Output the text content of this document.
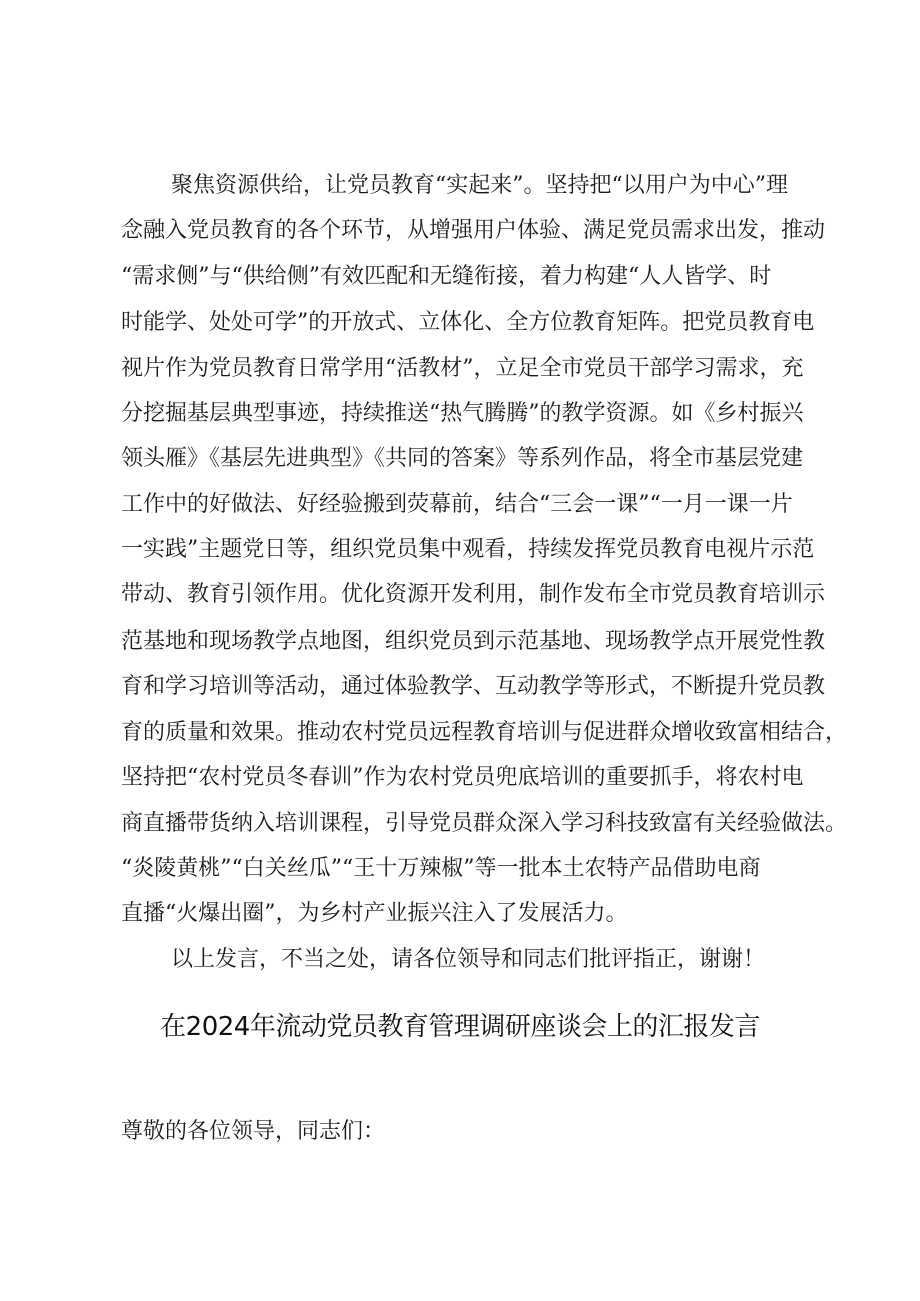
聚焦资源供给，让党员教育“实起来”。坚持把“以用户为中心”理
念融入党员教育的各个环节，从增强用户体验、满足党员需求出发，推动
“需求侧”与“供给侧”有效匹配和无缝衔接，着力构建“人人皆学、时
时能学、处处可学”的开放式、立体化、全方位教育矩阵。把党员教育电
视片作为党员教育日常学用“活教材”，立足全市党员干部学习需求，充
分挖掘基层典型事迹，持续推送“热气腾腾”的教学资源。如《乡村振兴
领头雁》《基层先进典型》《共同的答案》等系列作品，将全市基层党建
工作中的好做法、好经验搬到荧幕前，结合“三会一课”“一月一课一片
一实践”主题党日等，组织党员集中观看，持续发挥党员教育电视片示范
带动、教育引领作用。优化资源开发利用，制作发布全市党员教育培训示
范基地和现场教学点地图，组织党员到示范基地、现场教学点开展党性教
育和学习培训等活动，通过体验教学、互动教学等形式，不断提升党员教
育的质量和效果。推动农村党员远程教育培训与促进群众增收致富相结合，
坚持把“农村党员冬春训”作为农村党员兜底培训的重要抓手，将农村电
商直播带货纳入培训课程，引导党员群众深入学习科技致富有关经验做法。
“炎陵黄桃”“白关丝瓜”“王十万辣椒”等一批本土农特产品借助电商
直播“火爆出圈”，为乡村产业振兴注入了发展活力。
以上发言，不当之处，请各位领导和同志们批评指正，谢谢！
在2024年流动党员教育管理调研座谈会上的汇报发言
尊敬的各位领导，同志们：
